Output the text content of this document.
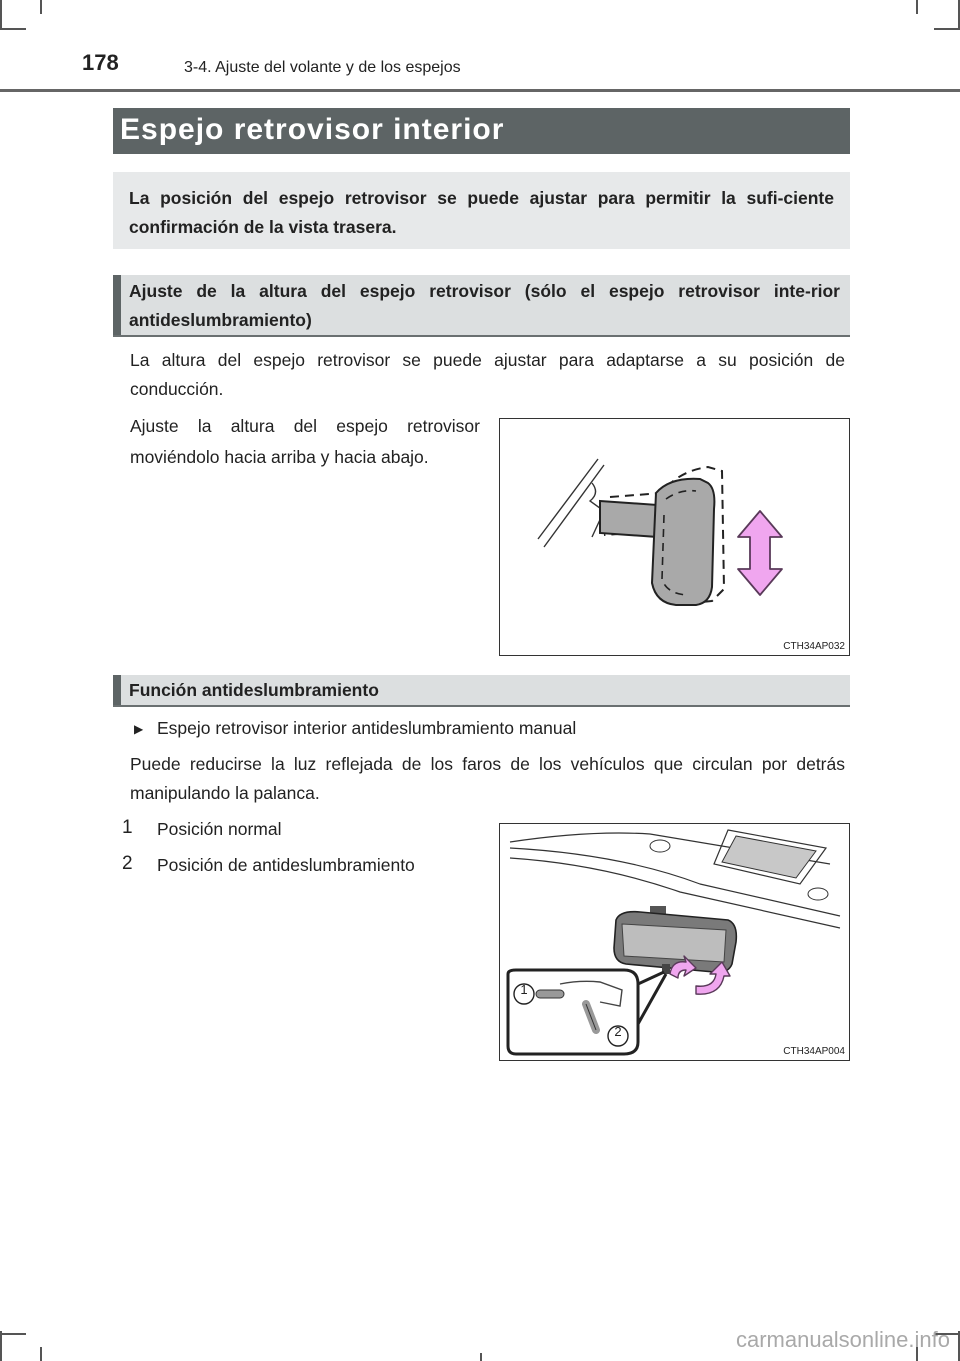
178	3-4. Ajuste del volante y de los espejos
Espejo retrovisor interior
La posición del espejo retrovisor se puede ajustar para permitir la sufi-ciente confirmación de la vista trasera.
Ajuste de la altura del espejo retrovisor (sólo el espejo retrovisor inte-rior antideslumbramiento)
La altura del espejo retrovisor se puede ajustar para adaptarse a su posición de conducción.
Ajuste la altura del espejo retrovisor moviéndolo hacia arriba y hacia abajo.
CTH34AP032
Función antideslumbramiento
▶ Espejo retrovisor interior antideslumbramiento manual
Puede reducirse la luz reflejada de los faros de los vehículos que circulan por detrás manipulando la palanca.
1 Posición normal
2 Posición de antideslumbramiento
1
2
CTH34AP004
carmanualsonline.info
